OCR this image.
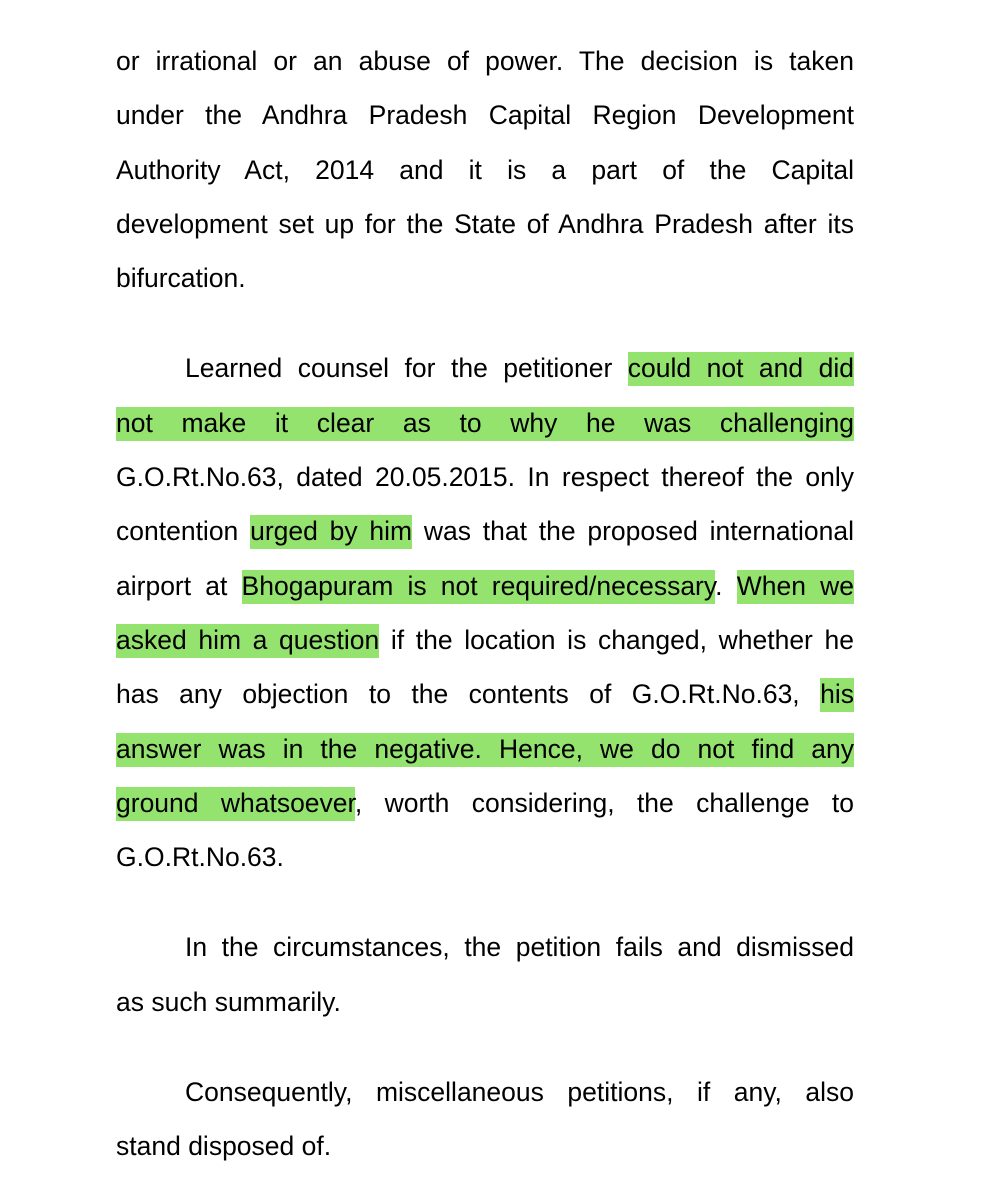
or irrational or an abuse of power. The decision is taken
under the Andhra Pradesh Capital Region Development
Authority Act, 2014 and it is a part of the Capital
development set up for the State of Andhra Pradesh after its
bifurcation.
Learned counsel for the petitioner could not and did
not make it clear as to why he was challenging
G.O.Rt.No.63, dated 20.05.2015. In respect thereof the only
contention urged by him was that the proposed international
airport at Bhogapuram is not required/necessary. When we
asked him a question if the location is changed, whether he
has any objection to the contents of G.O.Rt.No.63, his
answer was in the negative. Hence, we do not find any
ground whatsoever, worth considering, the challenge to
G.O.Rt.No.63.
In the circumstances, the petition fails and dismissed
as such summarily.
Consequently, miscellaneous petitions, if any, also
stand disposed of.
